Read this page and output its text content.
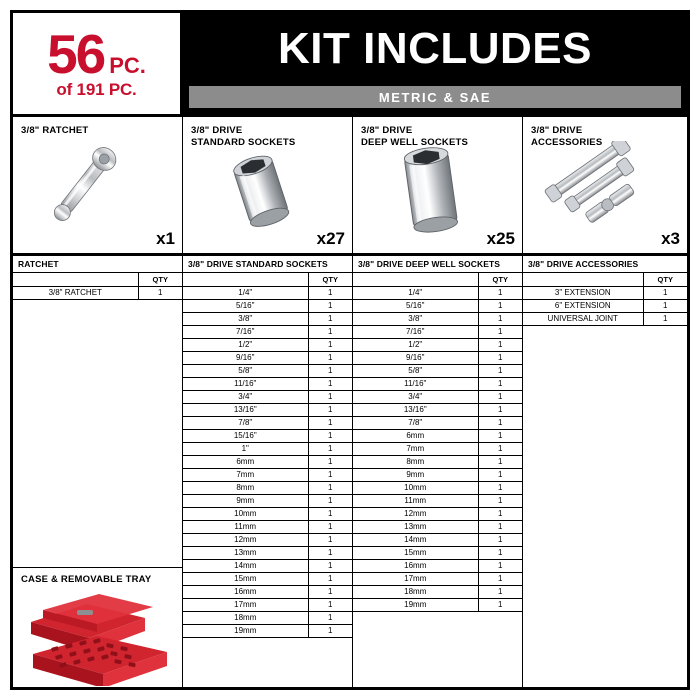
56 PC.
of 191 PC.
KIT INCLUDES
METRIC & SAE
3/8" RATCHET
x1
3/8" DRIVE
STANDARD SOCKETS
x27
3/8" DRIVE
DEEP WELL SOCKETS
x25
3/8" DRIVE
ACCESSORIES
x3
RATCHET
	QTY
3/8" RATCHET	1
CASE & REMOVABLE TRAY
3/8" DRIVE STANDARD SOCKETS
	QTY
1/4"	1
5/16"	1
3/8"	1
7/16"	1
1/2"	1
9/16"	1
5/8"	1
11/16"	1
3/4"	1
13/16"	1
7/8"	1
15/16"	1
1"	1
6mm	1
7mm	1
8mm	1
9mm	1
10mm	1
11mm	1
12mm	1
13mm	1
14mm	1
15mm	1
16mm	1
17mm	1
18mm	1
19mm	1
3/8" DRIVE DEEP WELL SOCKETS
	QTY
1/4"	1
5/16"	1
3/8"	1
7/16"	1
1/2"	1
9/16"	1
5/8"	1
11/16"	1
3/4"	1
13/16"	1
7/8"	1
6mm	1
7mm	1
8mm	1
9mm	1
10mm	1
11mm	1
12mm	1
13mm	1
14mm	1
15mm	1
16mm	1
17mm	1
18mm	1
19mm	1
3/8" DRIVE ACCESSORIES
	QTY
3" EXTENSION	1
6" EXTENSION	1
UNIVERSAL JOINT	1
